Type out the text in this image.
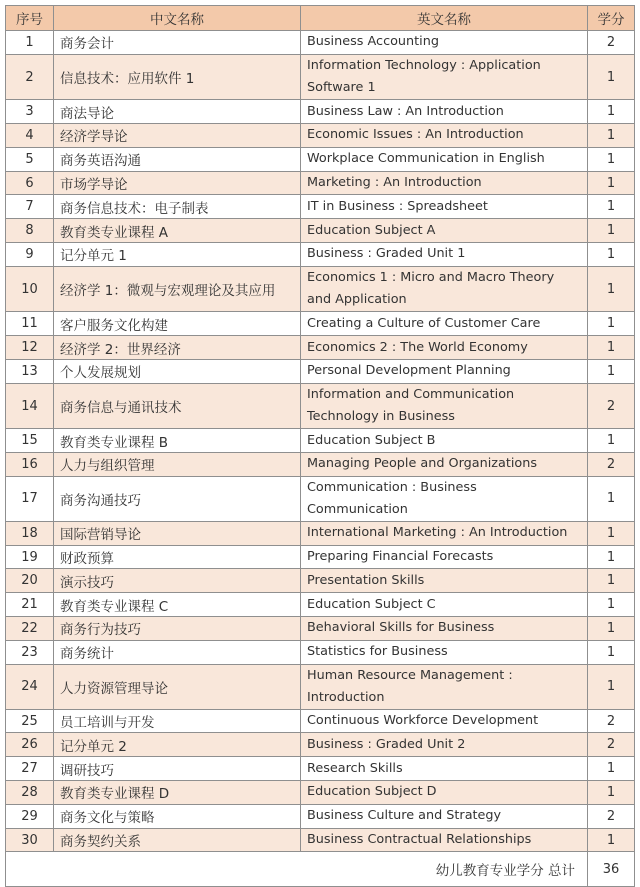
序号	中文名称	英文名称	学分
1	商务会计	Business Accounting	2
2	信息技术：应用软件 1	Information Technology : Application Software 1	1
3	商法导论	Business Law : An Introduction	1
4	经济学导论	Economic Issues : An Introduction	1
5	商务英语沟通	Workplace Communication in English	1
6	市场学导论	Marketing : An Introduction	1
7	商务信息技术：电子制表	IT in Business : Spreadsheet	1
8	教育类专业课程 A	Education Subject A	1
9	记分单元 1	Business : Graded Unit 1	1
10	经济学 1：微观与宏观理论及其应用	Economics 1 : Micro and Macro Theory and Application	1
11	客户服务文化构建	Creating a Culture of Customer Care	1
12	经济学 2：世界经济	Economics 2 : The World Economy	1
13	个人发展规划	Personal Development Planning	1
14	商务信息与通讯技术	Information and Communication Technology in Business	2
15	教育类专业课程 B	Education Subject B	1
16	人力与组织管理	Managing People and Organizations	2
17	商务沟通技巧	Communication : Business Communication	1
18	国际营销导论	International Marketing : An Introduction	1
19	财政预算	Preparing Financial Forecasts	1
20	演示技巧	Presentation Skills	1
21	教育类专业课程 C	Education Subject C	1
22	商务行为技巧	Behavioral Skills for Business	1
23	商务统计	Statistics for Business	1
24	人力资源管理导论	Human Resource Management : Introduction	1
25	员工培训与开发	Continuous Workforce Development	2
26	记分单元 2	Business : Graded Unit 2	2
27	调研技巧	Research Skills	1
28	教育类专业课程 D	Education Subject D	1
29	商务文化与策略	Business Culture and Strategy	2
30	商务契约关系	Business Contractual Relationships	1
幼儿教育专业学分 总计			36
